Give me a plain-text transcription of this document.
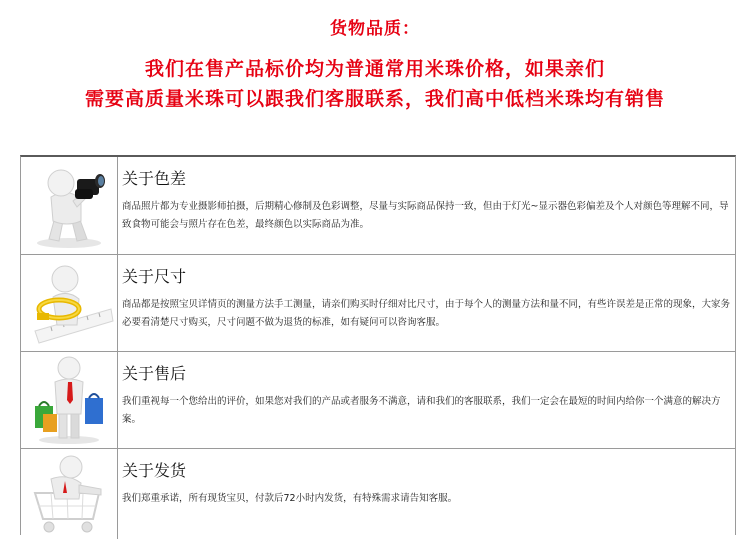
货物品质：
我们在售产品标价均为普通常用米珠价格，如果亲们
需要高质量米珠可以跟我们客服联系，我们高中低档米珠均有销售

关于色差

商品照片都为专业摄影师拍摄，后期精心修制及色彩调整，尽量与实际商品保持一致，但由于灯光~显示器色彩偏差及个人对颜色等理解不同，导致食物可能会与照片存在色差，最终颜色以实际商品为准。

关于尺寸

商品都是按照宝贝详情页的测量方法手工测量，请亲们购买时仔细对比尺寸，由于每个人的测量方法和量不同，有些许误差是正常的现象，大家务必要看清楚尺寸购买，尺寸问题不做为退货的标准，如有疑问可以咨询客服。

关于售后

我们重视每一个您给出的评价，如果您对我们的产品或者服务不满意，请和我们的客服联系，我们一定会在最短的时间内给你一个满意的解决方案。

关于发货

我们郑重承诺，所有现货宝贝，付款后72小时内发货，有特殊需求请告知客服。
